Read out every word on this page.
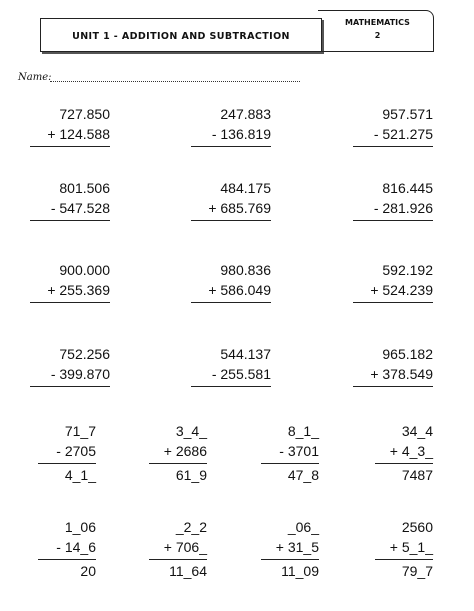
UNIT 1 - ADDITION AND SUBTRACTION
MATHEMATICS
2
Name:
727.850
+ 124.588
247.883
- 136.819
957.571
- 521.275
801.506
- 547.528
484.175
+ 685.769
816.445
- 281.926
900.000
+ 255.369
980.836
+ 586.049
592.192
+ 524.239
752.256
- 399.870
544.137
- 255.581
965.182
+ 378.549
71_7
- 2705
4_1_
3_4_
+ 2686
61_9
8_1_
- 3701
47_8
34_4
+ 4_3_
7487
1_06
- 14_6
20
_2_2
+ 706_
11_64
_06_
+ 31_5
11_09
2560
+ 5_1_
79_7
